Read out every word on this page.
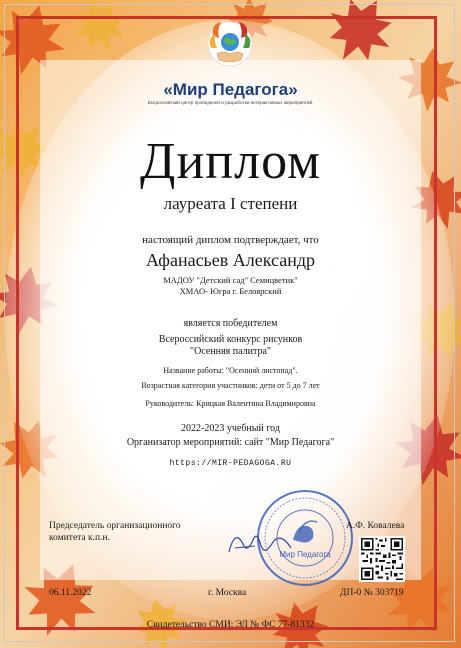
Мир Педагога
«Мир Педагога»
Всероссийский центр проведения и разработки интерактивных мероприятий.
Диплом
лауреата I степени
настоящий диплом подтверждает, что
Афанасьев Александр
МАДОУ "Детский сад" Семицветик"
ХМАО- Югра г. Белоярский
является победителем
Всероссийский конкурс рисунков
"Осенняя палитра"
Название работы: "Осенний листопад".
Возрастная категория участников: дети от 5 до 7 лет
Руководитель: Крицкая Валентина Владимировна
2022-2023 учебный год
Организатор мероприятий: сайт "Мир Педагога"
https://MIR-PEDAGOGA.RU
Председатель организационного
комитета к.п.н.
А.Ф. Ковалева
06.11.2022	г. Москва	ДП-0 № 303719
Свидетельство СМИ: ЭЛ № ФС 77-81332
